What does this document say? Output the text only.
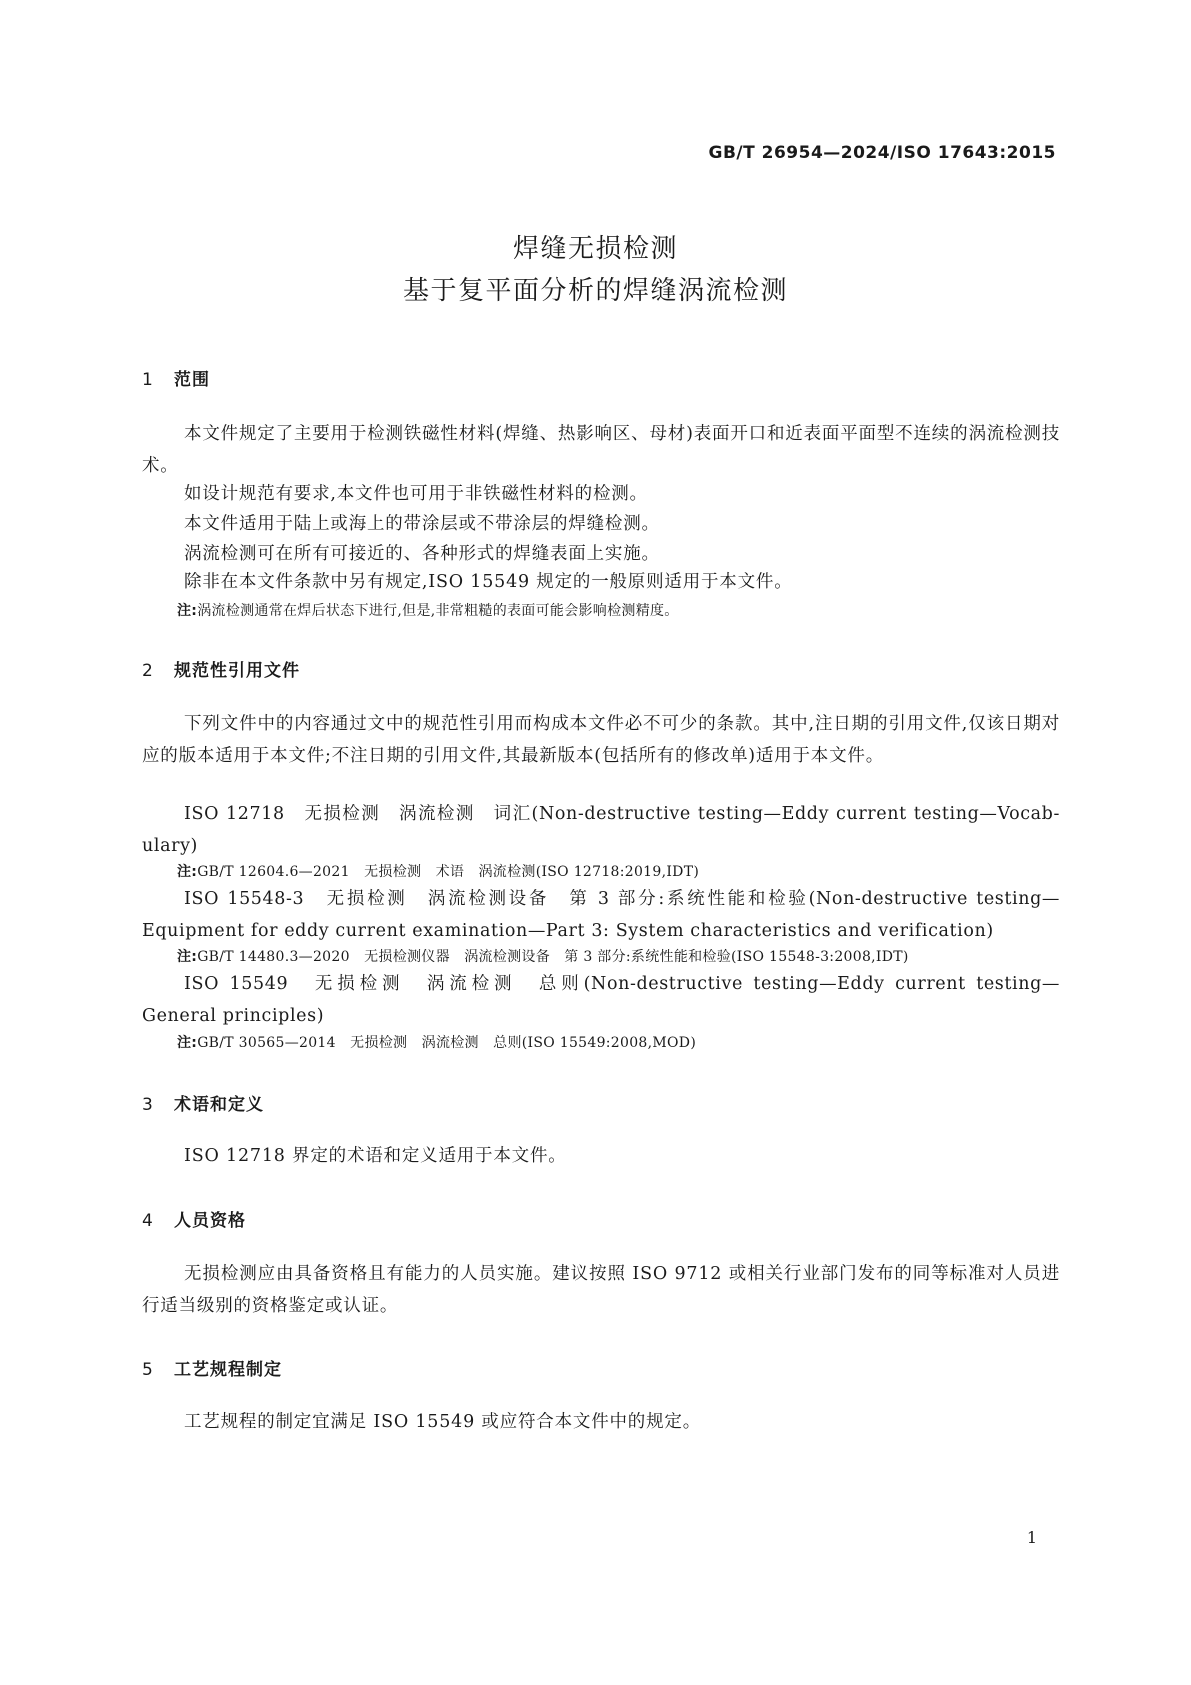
GB/T 26954—2024/ISO 17643:2015
焊缝无损检测
基于复平面分析的焊缝涡流检测
1 范围
本文件规定了主要用于检测铁磁性材料(焊缝、热影响区、母材)表面开口和近表面平面型不连续的涡流检测技术。
如设计规范有要求,本文件也可用于非铁磁性材料的检测。
本文件适用于陆上或海上的带涂层或不带涂层的焊缝检测。
涡流检测可在所有可接近的、各种形式的焊缝表面上实施。
除非在本文件条款中另有规定,ISO 15549 规定的一般原则适用于本文件。
注:涡流检测通常在焊后状态下进行,但是,非常粗糙的表面可能会影响检测精度。
2 规范性引用文件
下列文件中的内容通过文中的规范性引用而构成本文件必不可少的条款。其中,注日期的引用文件,仅该日期对应的版本适用于本文件;不注日期的引用文件,其最新版本(包括所有的修改单)适用于本文件。
ISO 12718　无损检测　涡流检测　词汇(Non-destructive testing—Eddy current testing—Vocab-
ulary)
注:GB/T 12604.6—2021　无损检测　术语　涡流检测(ISO 12718:2019,IDT)
ISO 15548-3　无损检测　涡流检测设备　第 3 部分:系统性能和检验(Non-destructive testing—
Equipment for eddy current examination—Part 3: System characteristics and verification)
注:GB/T 14480.3—2020　无损检测仪器　涡流检测设备　第 3 部分:系统性能和检验(ISO 15548-3:2008,IDT)
ISO 15549　无损检测　涡流检测　总则(Non-destructive testing—Eddy current testing—
General principles)
注:GB/T 30565—2014　无损检测　涡流检测　总则(ISO 15549:2008,MOD)
3 术语和定义
ISO 12718 界定的术语和定义适用于本文件。
4 人员资格
无损检测应由具备资格且有能力的人员实施。建议按照 ISO 9712 或相关行业部门发布的同等标准对人员进行适当级别的资格鉴定或认证。
5 工艺规程制定
工艺规程的制定宜满足 ISO 15549 或应符合本文件中的规定。
1
